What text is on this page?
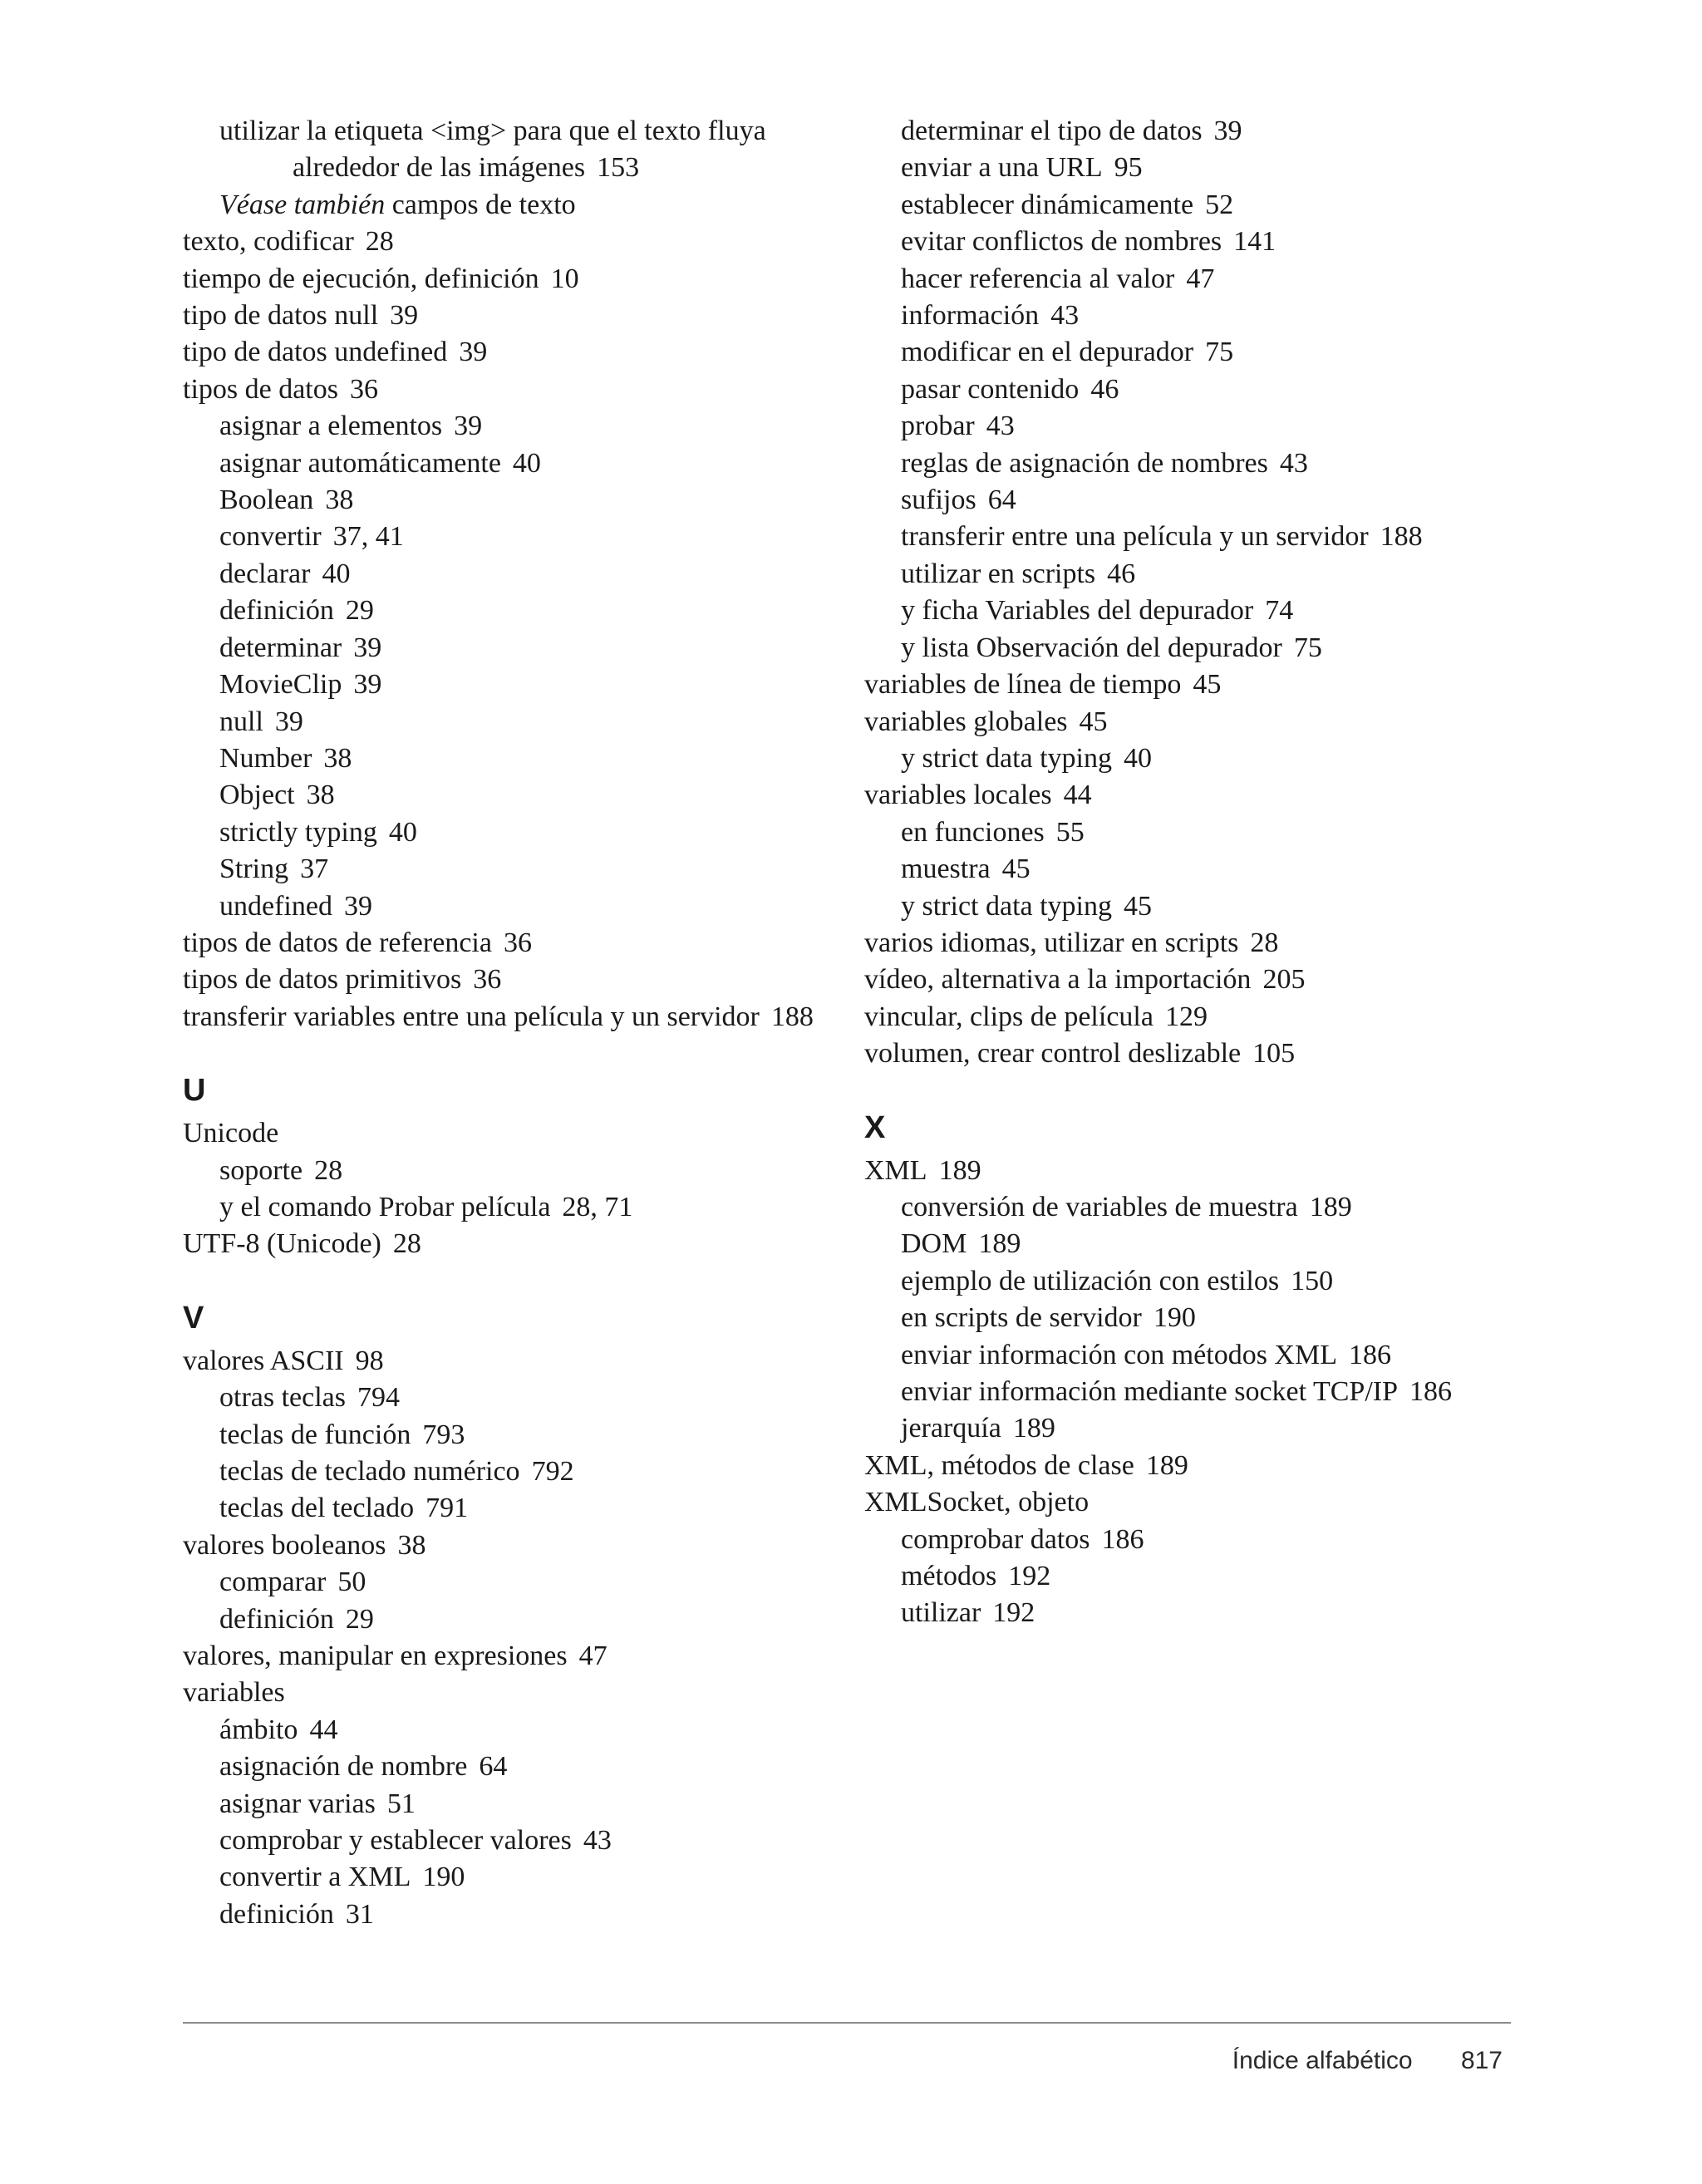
utilizar la etiqueta <img> para que el texto fluya
alrededor de las imágenes 153
Véase también campos de texto
texto, codificar 28
tiempo de ejecución, definición 10
tipo de datos null 39
tipo de datos undefined 39
tipos de datos 36
asignar a elementos 39
asignar automáticamente 40
Boolean 38
convertir 37, 41
declarar 40
definición 29
determinar 39
MovieClip 39
null 39
Number 38
Object 38
strictly typing 40
String 37
undefined 39
tipos de datos de referencia 36
tipos de datos primitivos 36
transferir variables entre una película y un servidor 188
U
Unicode
soporte 28
y el comando Probar película 28, 71
UTF-8 (Unicode) 28
V
valores ASCII 98
otras teclas 794
teclas de función 793
teclas de teclado numérico 792
teclas del teclado 791
valores booleanos 38
comparar 50
definición 29
valores, manipular en expresiones 47
variables
ámbito 44
asignación de nombre 64
asignar varias 51
comprobar y establecer valores 43
convertir a XML 190
definición 31
determinar el tipo de datos 39
enviar a una URL 95
establecer dinámicamente 52
evitar conflictos de nombres 141
hacer referencia al valor 47
información 43
modificar en el depurador 75
pasar contenido 46
probar 43
reglas de asignación de nombres 43
sufijos 64
transferir entre una película y un servidor 188
utilizar en scripts 46
y ficha Variables del depurador 74
y lista Observación del depurador 75
variables de línea de tiempo 45
variables globales 45
y strict data typing 40
variables locales 44
en funciones 55
muestra 45
y strict data typing 45
varios idiomas, utilizar en scripts 28
vídeo, alternativa a la importación 205
vincular, clips de película 129
volumen, crear control deslizable 105
X
XML 189
conversión de variables de muestra 189
DOM 189
ejemplo de utilización con estilos 150
en scripts de servidor 190
enviar información con métodos XML 186
enviar información mediante socket TCP/IP 186
jerarquía 189
XML, métodos de clase 189
XMLSocket, objeto
comprobar datos 186
métodos 192
utilizar 192
Índice alfabético 817
